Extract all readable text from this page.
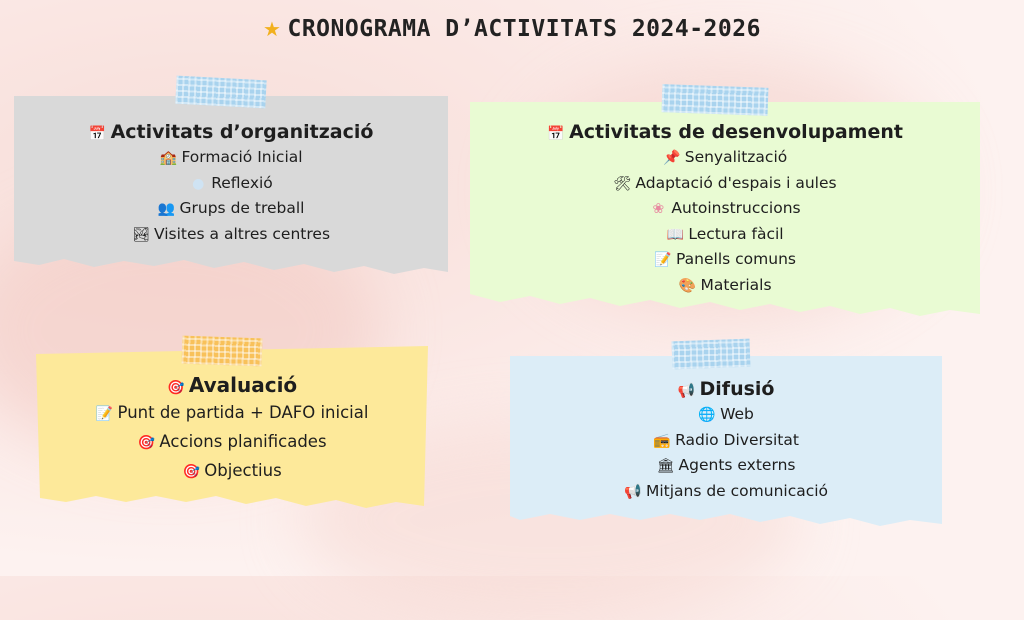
★ CRONOGRAMA D’ACTIVITATS 2024-2026
📅 Activitats d’organització
🏫 Formació Inicial
● Reflexió
👥 Grups de treball
🏞 Visites a altres centres
📅 Activitats de desenvolupament
📌 Senyalització
🛠 Adaptació d'espais i aules
❀ Autoinstruccions
📖 Lectura fàcil
📝 Panells comuns
🎨 Materials
🎯 Avaluació
📝 Punt de partida + DAFO inicial
🎯 Accions planificades
🎯 Objectius
📢 Difusió
🌐 Web
📻 Radio Diversitat
🏛 Agents externs
📢 Mitjans de comunicació
